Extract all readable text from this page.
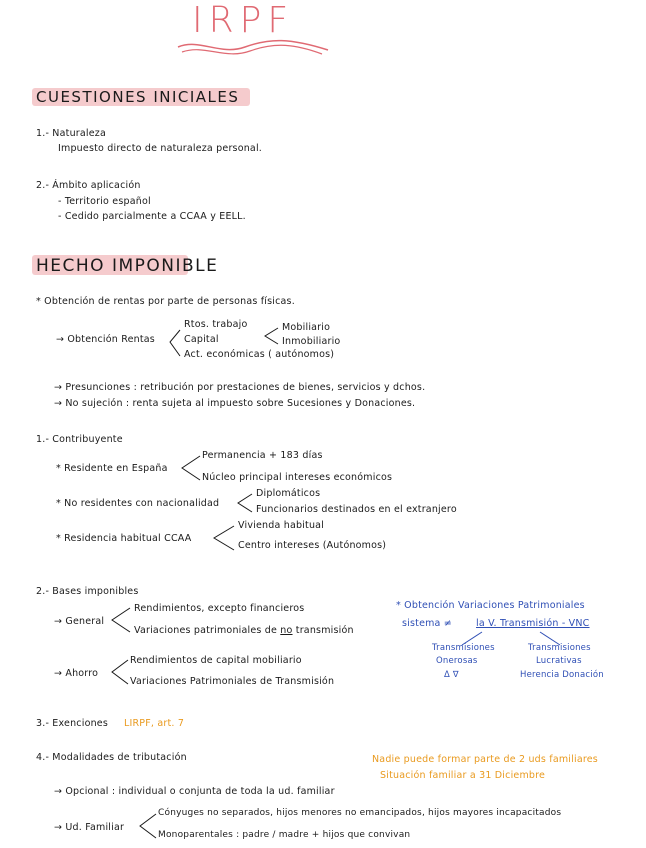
IRPF
CUESTIONES INICIALES
1.- Naturaleza
Impuesto directo de naturaleza personal.
2.- Ámbito aplicación
- Territorio español
- Cedido parcialmente a CCAA y EELL.
HECHO IMPONIBLE
* Obtención de rentas por parte de personas físicas.
→ Obtención Rentas
Rtos. trabajo
Capital
Act. económicas ( autónomos)
Mobiliario
Inmobiliario
→ Presunciones : retribución por prestaciones de bienes, servicios y dchos.
→ No sujeción : renta sujeta al impuesto sobre Sucesiones y Donaciones.
1.- Contribuyente
* Residente en España
Permanencia + 183 días
Núcleo principal intereses económicos
* No residentes con nacionalidad
Diplomáticos
Funcionarios destinados en el extranjero
* Residencia habitual CCAA
Vivienda habitual
Centro intereses (Autónomos)
2.- Bases imponibles
→ General
Rendimientos, excepto financieros
Variaciones patrimoniales de no transmisión
→ Ahorro
Rendimientos de capital mobiliario
Variaciones Patrimoniales de Transmisión
* Obtención Variaciones Patrimoniales
sistema ≠	la V. Transmisión - VNC
Transmisiones
Onerosas
Δ ∇
Transmisiones
Lucrativas
Herencia Donación
3.- Exenciones LIRPF, art. 7
4.- Modalidades de tributación	Nadie puede formar parte de 2 uds familiares
Situación familiar a 31 Diciembre
→ Opcional : individual o conjunta de toda la ud. familiar
→ Ud. Familiar
Cónyuges no separados, hijos menores no emancipados, hijos mayores incapacitados
Monoparentales : padre / madre + hijos que convivan
